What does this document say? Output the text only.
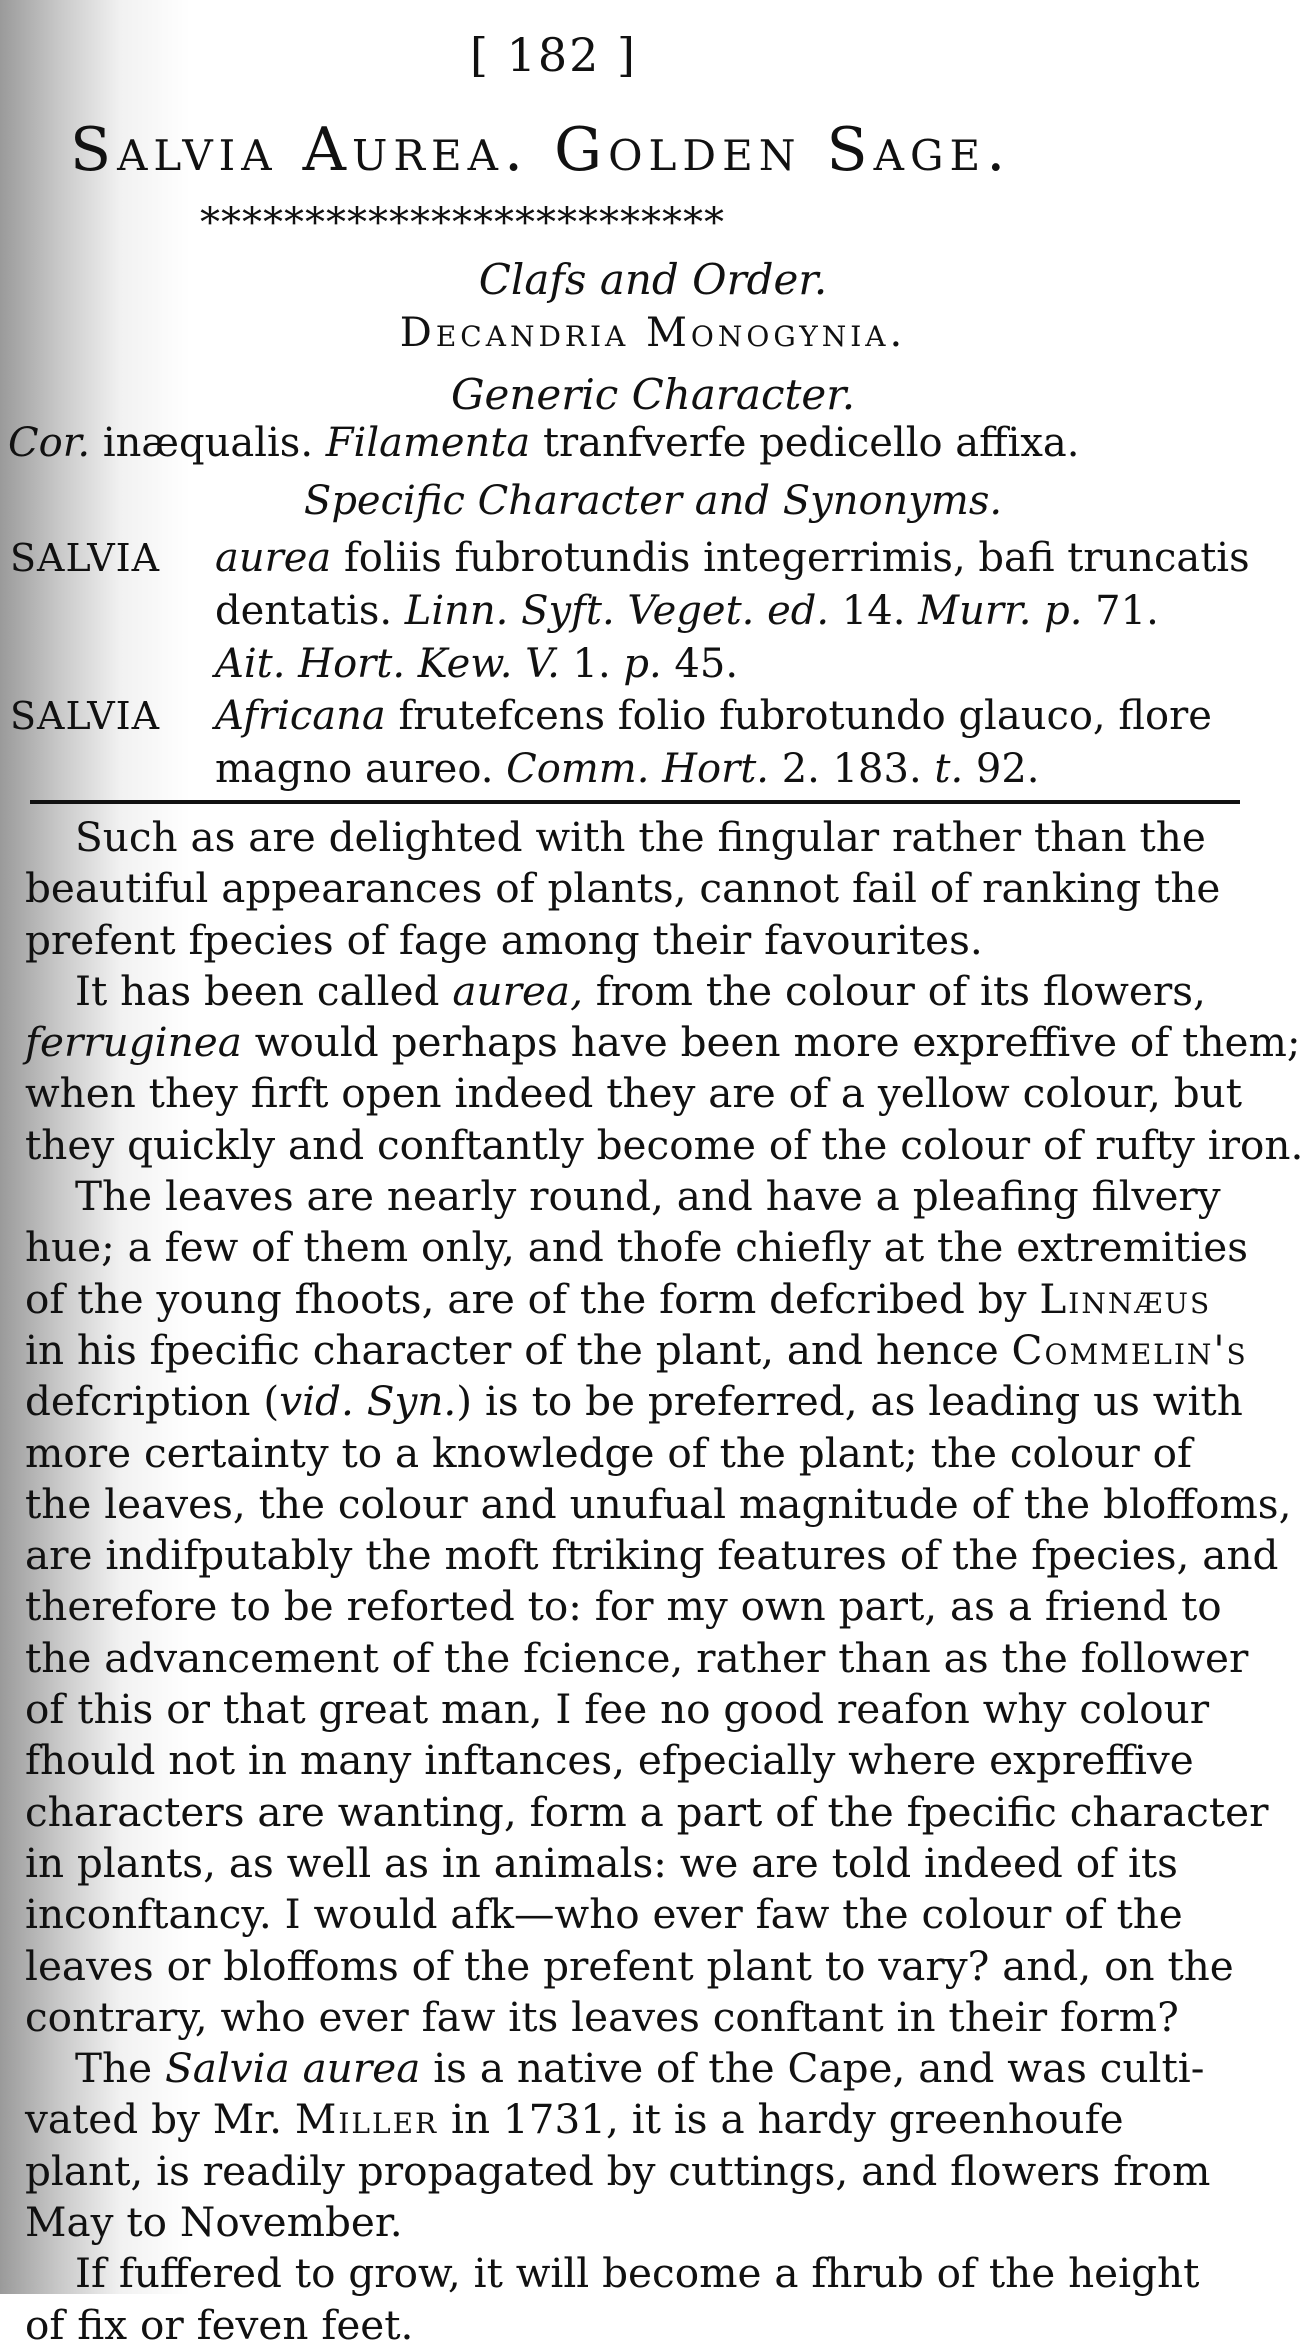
[ 182 ]
Salvia Aurea. Golden Sage.
*************************
Clafs and Order.
Decandria Monogynia.
Generic Character.
Cor. inæqualis. Filamenta tranfverfe pedicello affixa.
Specific Character and Synonyms.
SALVIA aurea foliis fubrotundis integerrimis, bafi truncatis
dentatis. Linn. Syft. Veget. ed. 14. Murr. p. 71.
Ait. Hort. Kew. V. 1. p. 45.
SALVIA Africana frutefcens folio fubrotundo glauco, flore
magno aureo. Comm. Hort. 2. 183. t. 92.
Such as are delighted with the fingular rather than the
beautiful appearances of plants, cannot fail of ranking the
prefent fpecies of fage among their favourites.
It has been called aurea, from the colour of its flowers,
ferruginea would perhaps have been more expreffive of them;
when they firft open indeed they are of a yellow colour, but
they quickly and conftantly become of the colour of rufty iron.
The leaves are nearly round, and have a pleafing filvery
hue; a few of them only, and thofe chiefly at the extremities
of the young fhoots, are of the form defcribed by Linnæus
in his fpecific character of the plant, and hence Commelin's
defcription (vid. Syn.) is to be preferred, as leading us with
more certainty to a knowledge of the plant; the colour of
the leaves, the colour and unufual magnitude of the bloffoms,
are indifputably the moft ftriking features of the fpecies, and
therefore to be reforted to: for my own part, as a friend to
the advancement of the fcience, rather than as the follower
of this or that great man, I fee no good reafon why colour
fhould not in many inftances, efpecially where expreffive
characters are wanting, form a part of the fpecific character
in plants, as well as in animals: we are told indeed of its
inconftancy. I would afk—who ever faw the colour of the
leaves or bloffoms of the prefent plant to vary? and, on the
contrary, who ever faw its leaves conftant in their form?
The Salvia aurea is a native of the Cape, and was culti-
vated by Mr. Miller in 1731, it is a hardy greenhoufe
plant, is readily propagated by cuttings, and flowers from
May to November.
If fuffered to grow, it will become a fhrub of the height
of fix or feven feet.
